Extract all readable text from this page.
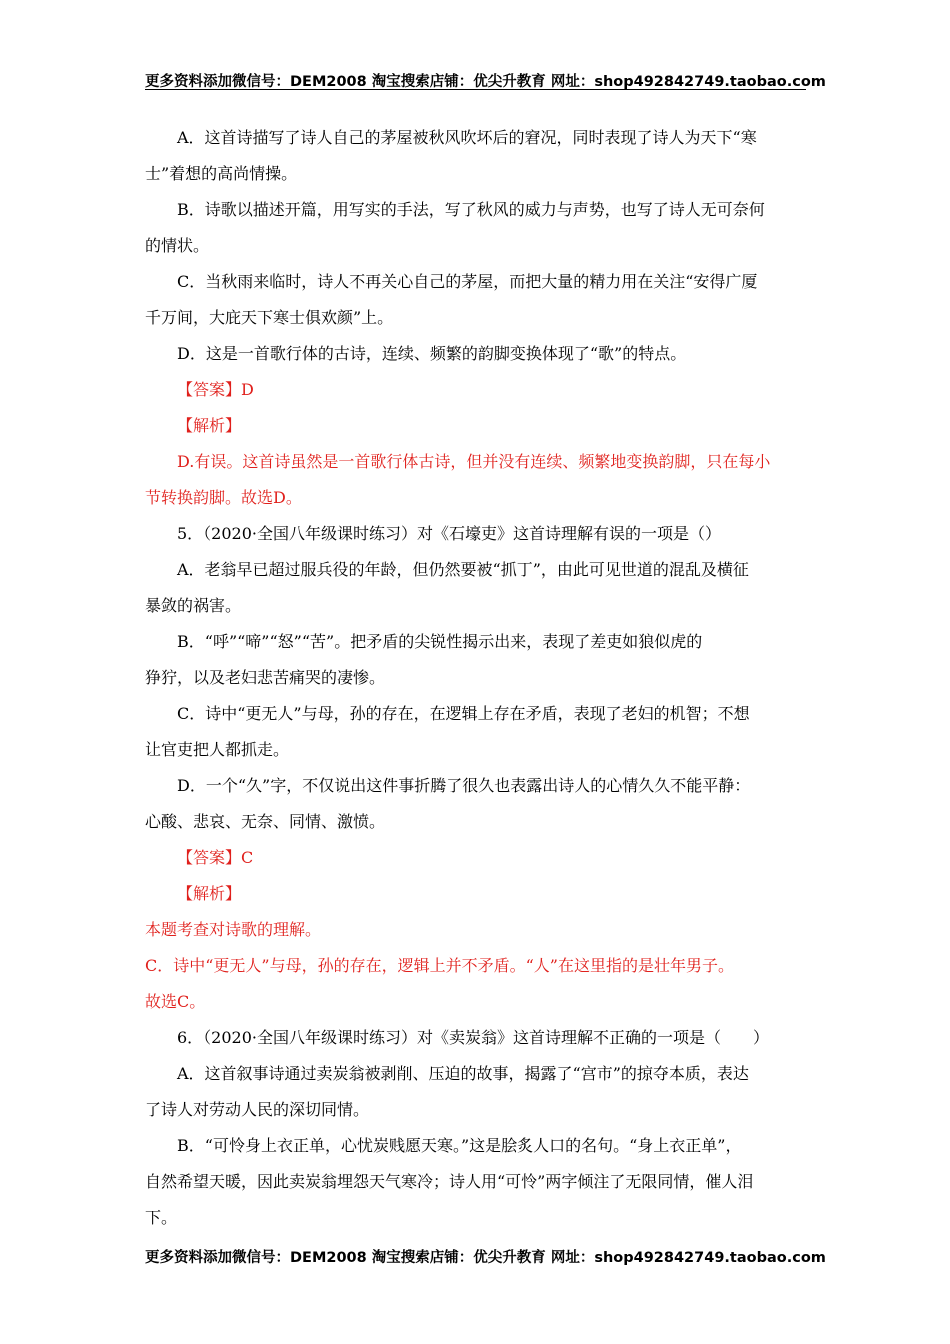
更多资料添加微信号：DEM2008 淘宝搜索店铺：优尖升教育 网址：shop492842749.taobao.com
A．这首诗描写了诗人自己的茅屋被秋风吹坏后的窘况，同时表现了诗人为天下“寒
士”着想的高尚情操。
B．诗歌以描述开篇，用写实的手法，写了秋风的威力与声势，也写了诗人无可奈何
的情状。
C．当秋雨来临时，诗人不再关心自己的茅屋，而把大量的精力用在关注“安得广厦
千万间，大庇天下寒士俱欢颜”上。
D．这是一首歌行体的古诗，连续、频繁的韵脚变换体现了“歌”的特点。
【答案】D
【解析】
D.有误。这首诗虽然是一首歌行体古诗，但并没有连续、频繁地变换韵脚，只在每小
节转换韵脚。故选D。
5．（2020·全国八年级课时练习）对《石壕吏》这首诗理解有误的一项是（）
A．老翁早已超过服兵役的年龄，但仍然要被“抓丁”，由此可见世道的混乱及横征
暴敛的祸害。
B．“呼”“啼”“怒”“苦”。把矛盾的尖锐性揭示出来，表现了差吏如狼似虎的
狰狞，以及老妇悲苦痛哭的凄惨。
C．诗中“更无人”与母，孙的存在，在逻辑上存在矛盾，表现了老妇的机智；不想
让官吏把人都抓走。
D．一个“久”字，不仅说出这件事折腾了很久也表露出诗人的心情久久不能平静：
心酸、悲哀、无奈、同情、激愤。
【答案】C
【解析】
本题考查对诗歌的理解。
C．诗中“更无人”与母，孙的存在，逻辑上并不矛盾。“人”在这里指的是壮年男子。
故选C。
6．（2020·全国八年级课时练习）对《卖炭翁》这首诗理解不正确的一项是（　　）
A．这首叙事诗通过卖炭翁被剥削、压迫的故事，揭露了“宫市”的掠夺本质，表达
了诗人对劳动人民的深切同情。
B．“可怜身上衣正单，心忧炭贱愿天寒。”这是脍炙人口的名句。“身上衣正单”，
自然希望天暖，因此卖炭翁埋怨天气寒冷；诗人用“可怜”两字倾注了无限同情，催人泪
下。
更多资料添加微信号：DEM2008 淘宝搜索店铺：优尖升教育 网址：shop492842749.taobao.com
